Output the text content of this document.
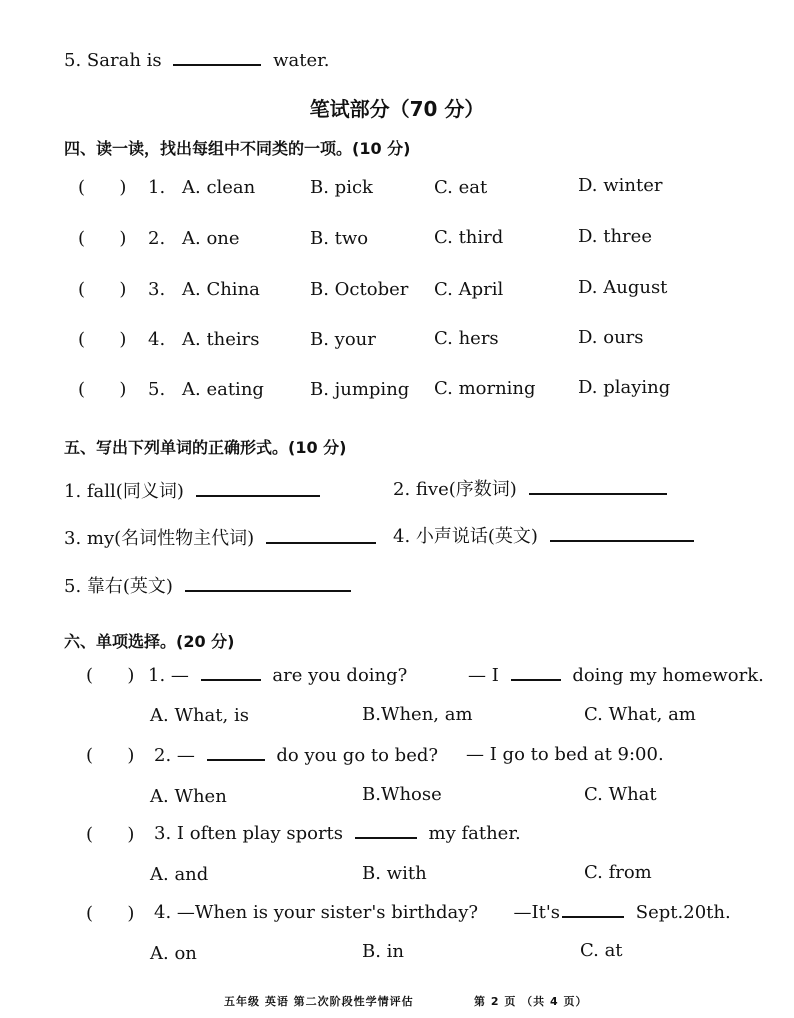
5. Sarah is	water.
笔试部分（70 分）
四、读一读，找出每组中不同类的一项。(10 分)
(      ) 1. A. clean	B. pick	C. eat	D. winter
(      ) 2. A. one	B. two	C. third	D. three
(      ) 3. A. China	B. October C. April	D. August
(      ) 4. A. theirs	B. your	C. hers	D. ours
(      ) 5. A. eating	B. jumping C. morning D. playing
五、写出下列单词的正确形式。(10 分)
1. fall(同义词)	2. five(序数词)
3. my(名词性物主代词)	4. 小声说话(英文)
5. 靠右(英文)
六、单项选择。(20 分)
(      ) 1. —	are you doing?	— I	doing my homework.
A. What, is	B.When, am	C. What, am
(      ) 2. —	do you go to bed? — I go to bed at 9:00.
A. When	B.Whose	C. What
(      ) 3. I often play sports	my father.
A. and	B. with	C. from
(      ) 4. —When is your sister's birthday? —It's	Sept.20th.
A. on	B. in	C. at
五年级 英语 第二次阶段性学情评估	第 2 页 （共 4 页）
